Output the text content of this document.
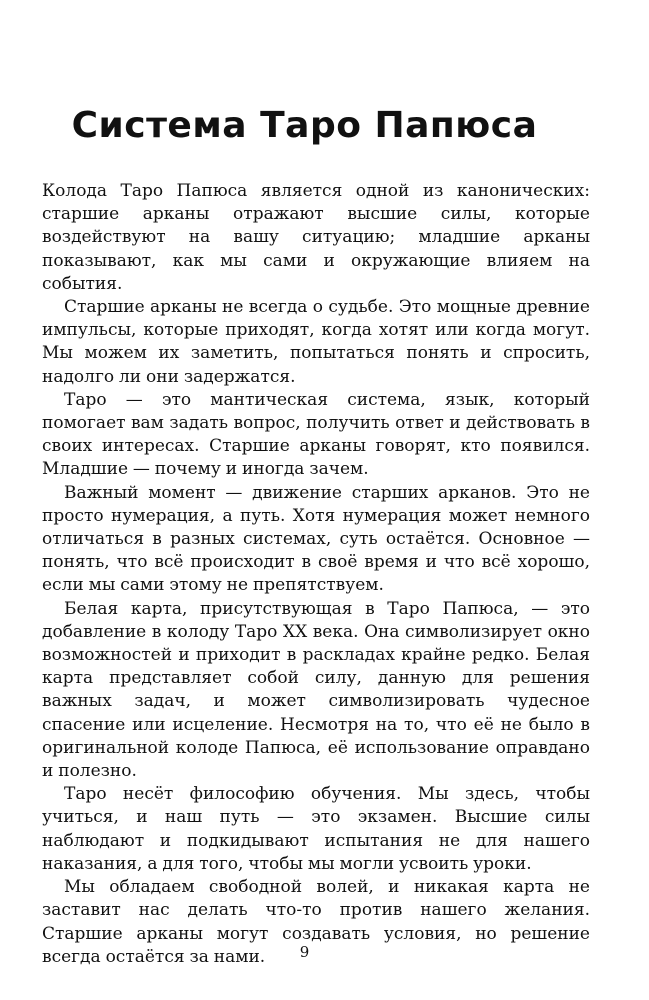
Система Таро Папюса

Колода Таро Папюса является одной из канонических: старшие арканы отражают высшие силы, которые воздействуют на вашу ситуацию; младшие арканы показывают, как мы сами и окружающие влияем на события.

Старшие арканы не всегда о судьбе. Это мощные древние импульсы, которые приходят, когда хотят или когда могут. Мы можем их заметить, попытаться понять и спросить, надолго ли они задержатся.

Таро — это мантическая система, язык, который помогает вам задать вопрос, получить ответ и действовать в своих интересах. Старшие арканы говорят, кто появился. Младшие — почему и иногда зачем.

Важный момент — движение старших арканов. Это не просто нумерация, а путь. Хотя нумерация может немного отличаться в разных системах, суть остаётся. Основное — понять, что всё происходит в своё время и что всё хорошо, если мы сами этому не препятствуем.

Белая карта, присутствующая в Таро Папюса, — это добавление в колоду Таро XX века. Она символизирует окно возможностей и приходит в раскладах крайне редко. Белая карта представляет собой силу, данную для решения важных задач, и может символизировать чудесное спасение или исцеление. Несмотря на то, что её не было в оригинальной колоде Папюса, её использование оправдано и полезно.

Таро несёт философию обучения. Мы здесь, чтобы учиться, и наш путь — это экзамен. Высшие силы наблюдают и подкидывают испытания не для нашего наказания, а для того, чтобы мы могли усвоить уроки.

Мы обладаем свободной волей, и никакая карта не заставит нас делать что-то против нашего желания. Старшие арканы могут создавать условия, но решение всегда остаётся за нами.	9
